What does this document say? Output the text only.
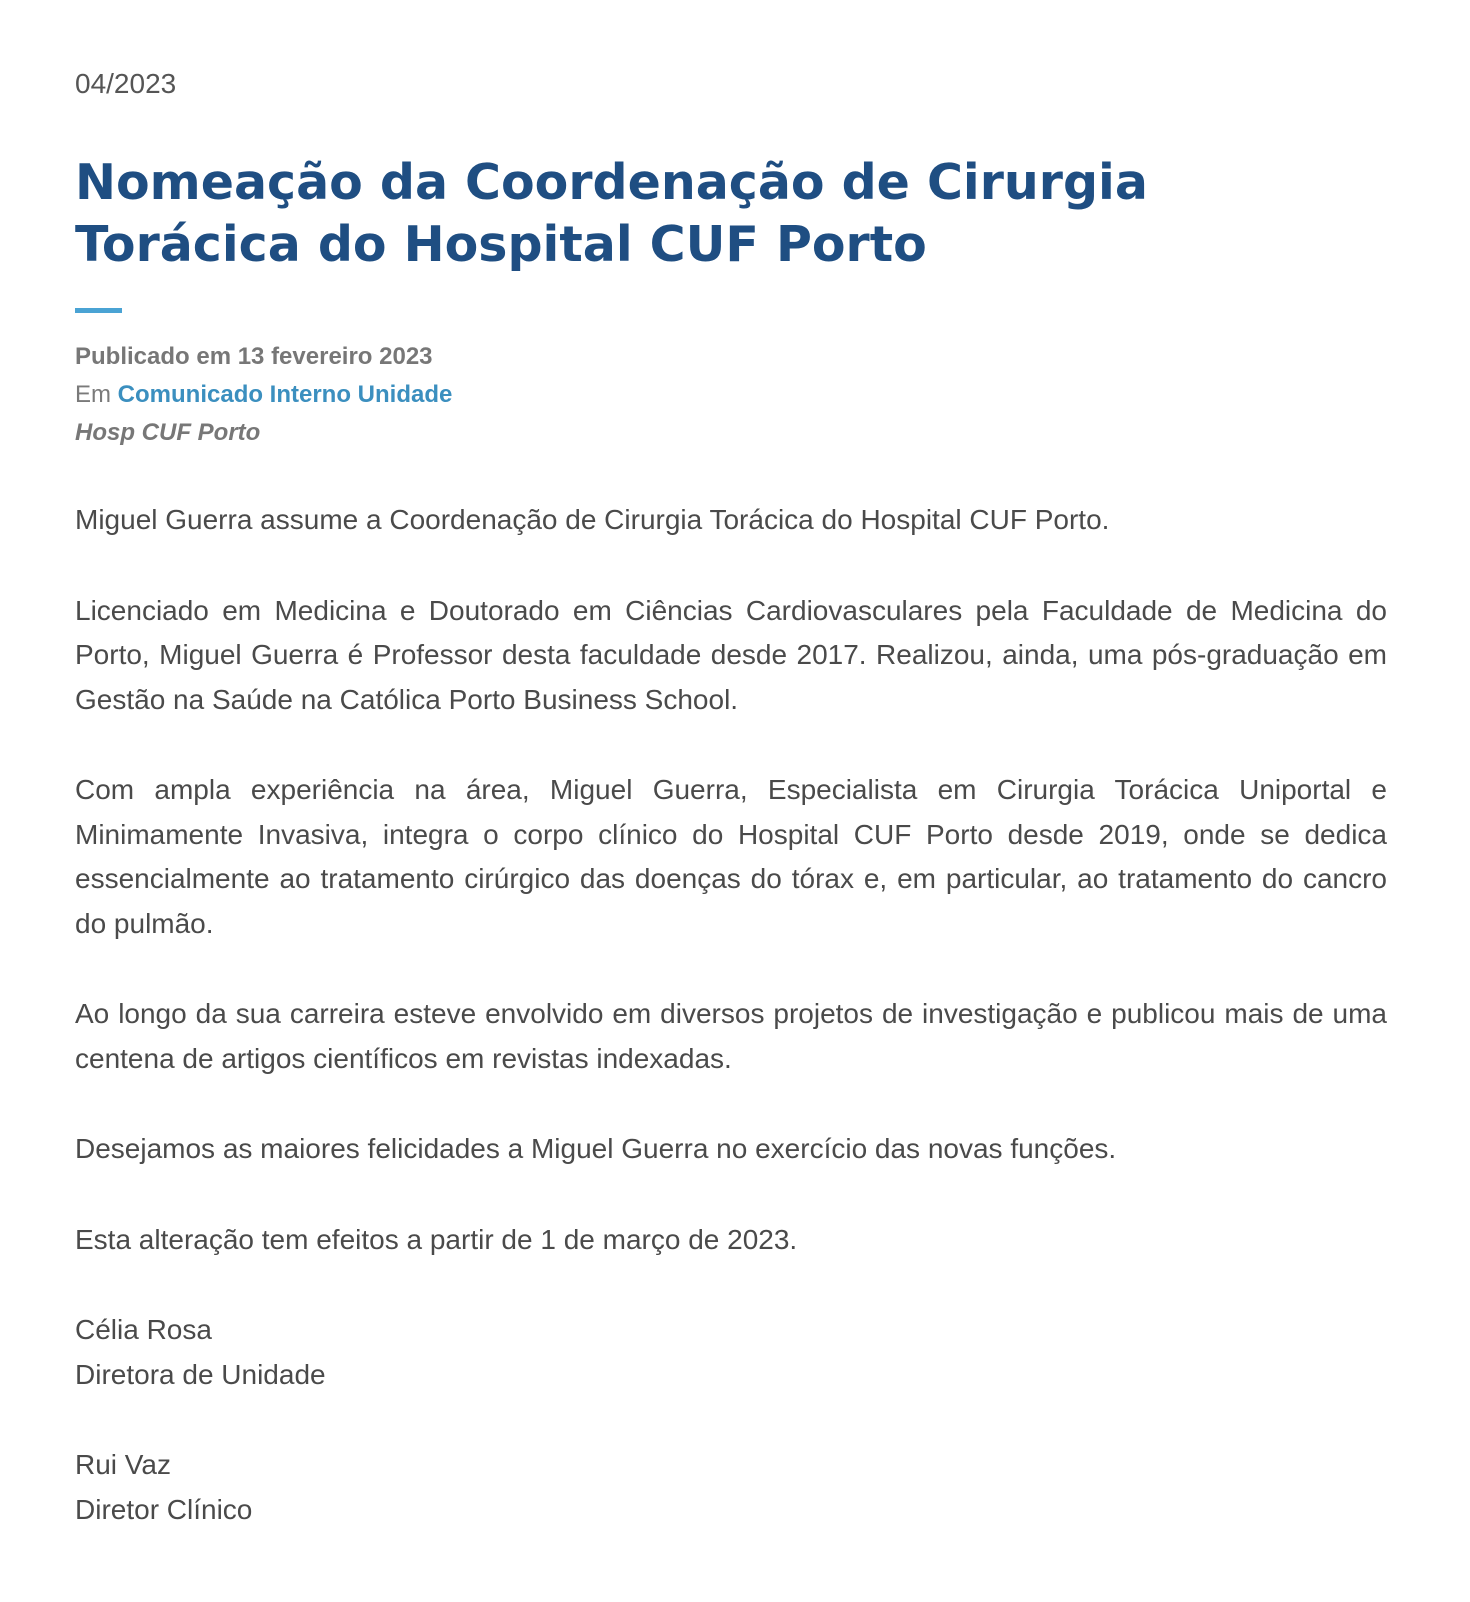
04/2023
Nomeação da Coordenação de Cirurgia Torácica do Hospital CUF Porto
Publicado em 13 fevereiro 2023
Em Comunicado Interno Unidade
Hosp CUF Porto

Miguel Guerra assume a Coordenação de Cirurgia Torácica do Hospital CUF Porto.

Licenciado em Medicina e Doutorado em Ciências Cardiovasculares pela Faculdade de Medicina do Porto, Miguel Guerra é Professor desta faculdade desde 2017. Realizou, ainda, uma pós-graduação em Gestão na Saúde na Católica Porto Business School.

Com ampla experiência na área, Miguel Guerra, Especialista em Cirurgia Torácica Uniportal e Minimamente Invasiva, integra o corpo clínico do Hospital CUF Porto desde 2019, onde se dedica essencialmente ao tratamento cirúrgico das doenças do tórax e, em particular, ao tratamento do cancro do pulmão.

Ao longo da sua carreira esteve envolvido em diversos projetos de investigação e publicou mais de uma centena de artigos científicos em revistas indexadas.

Desejamos as maiores felicidades a Miguel Guerra no exercício das novas funções.

Esta alteração tem efeitos a partir de 1 de março de 2023.

Célia Rosa
Diretora de Unidade
Rui Vaz
Diretor Clínico
